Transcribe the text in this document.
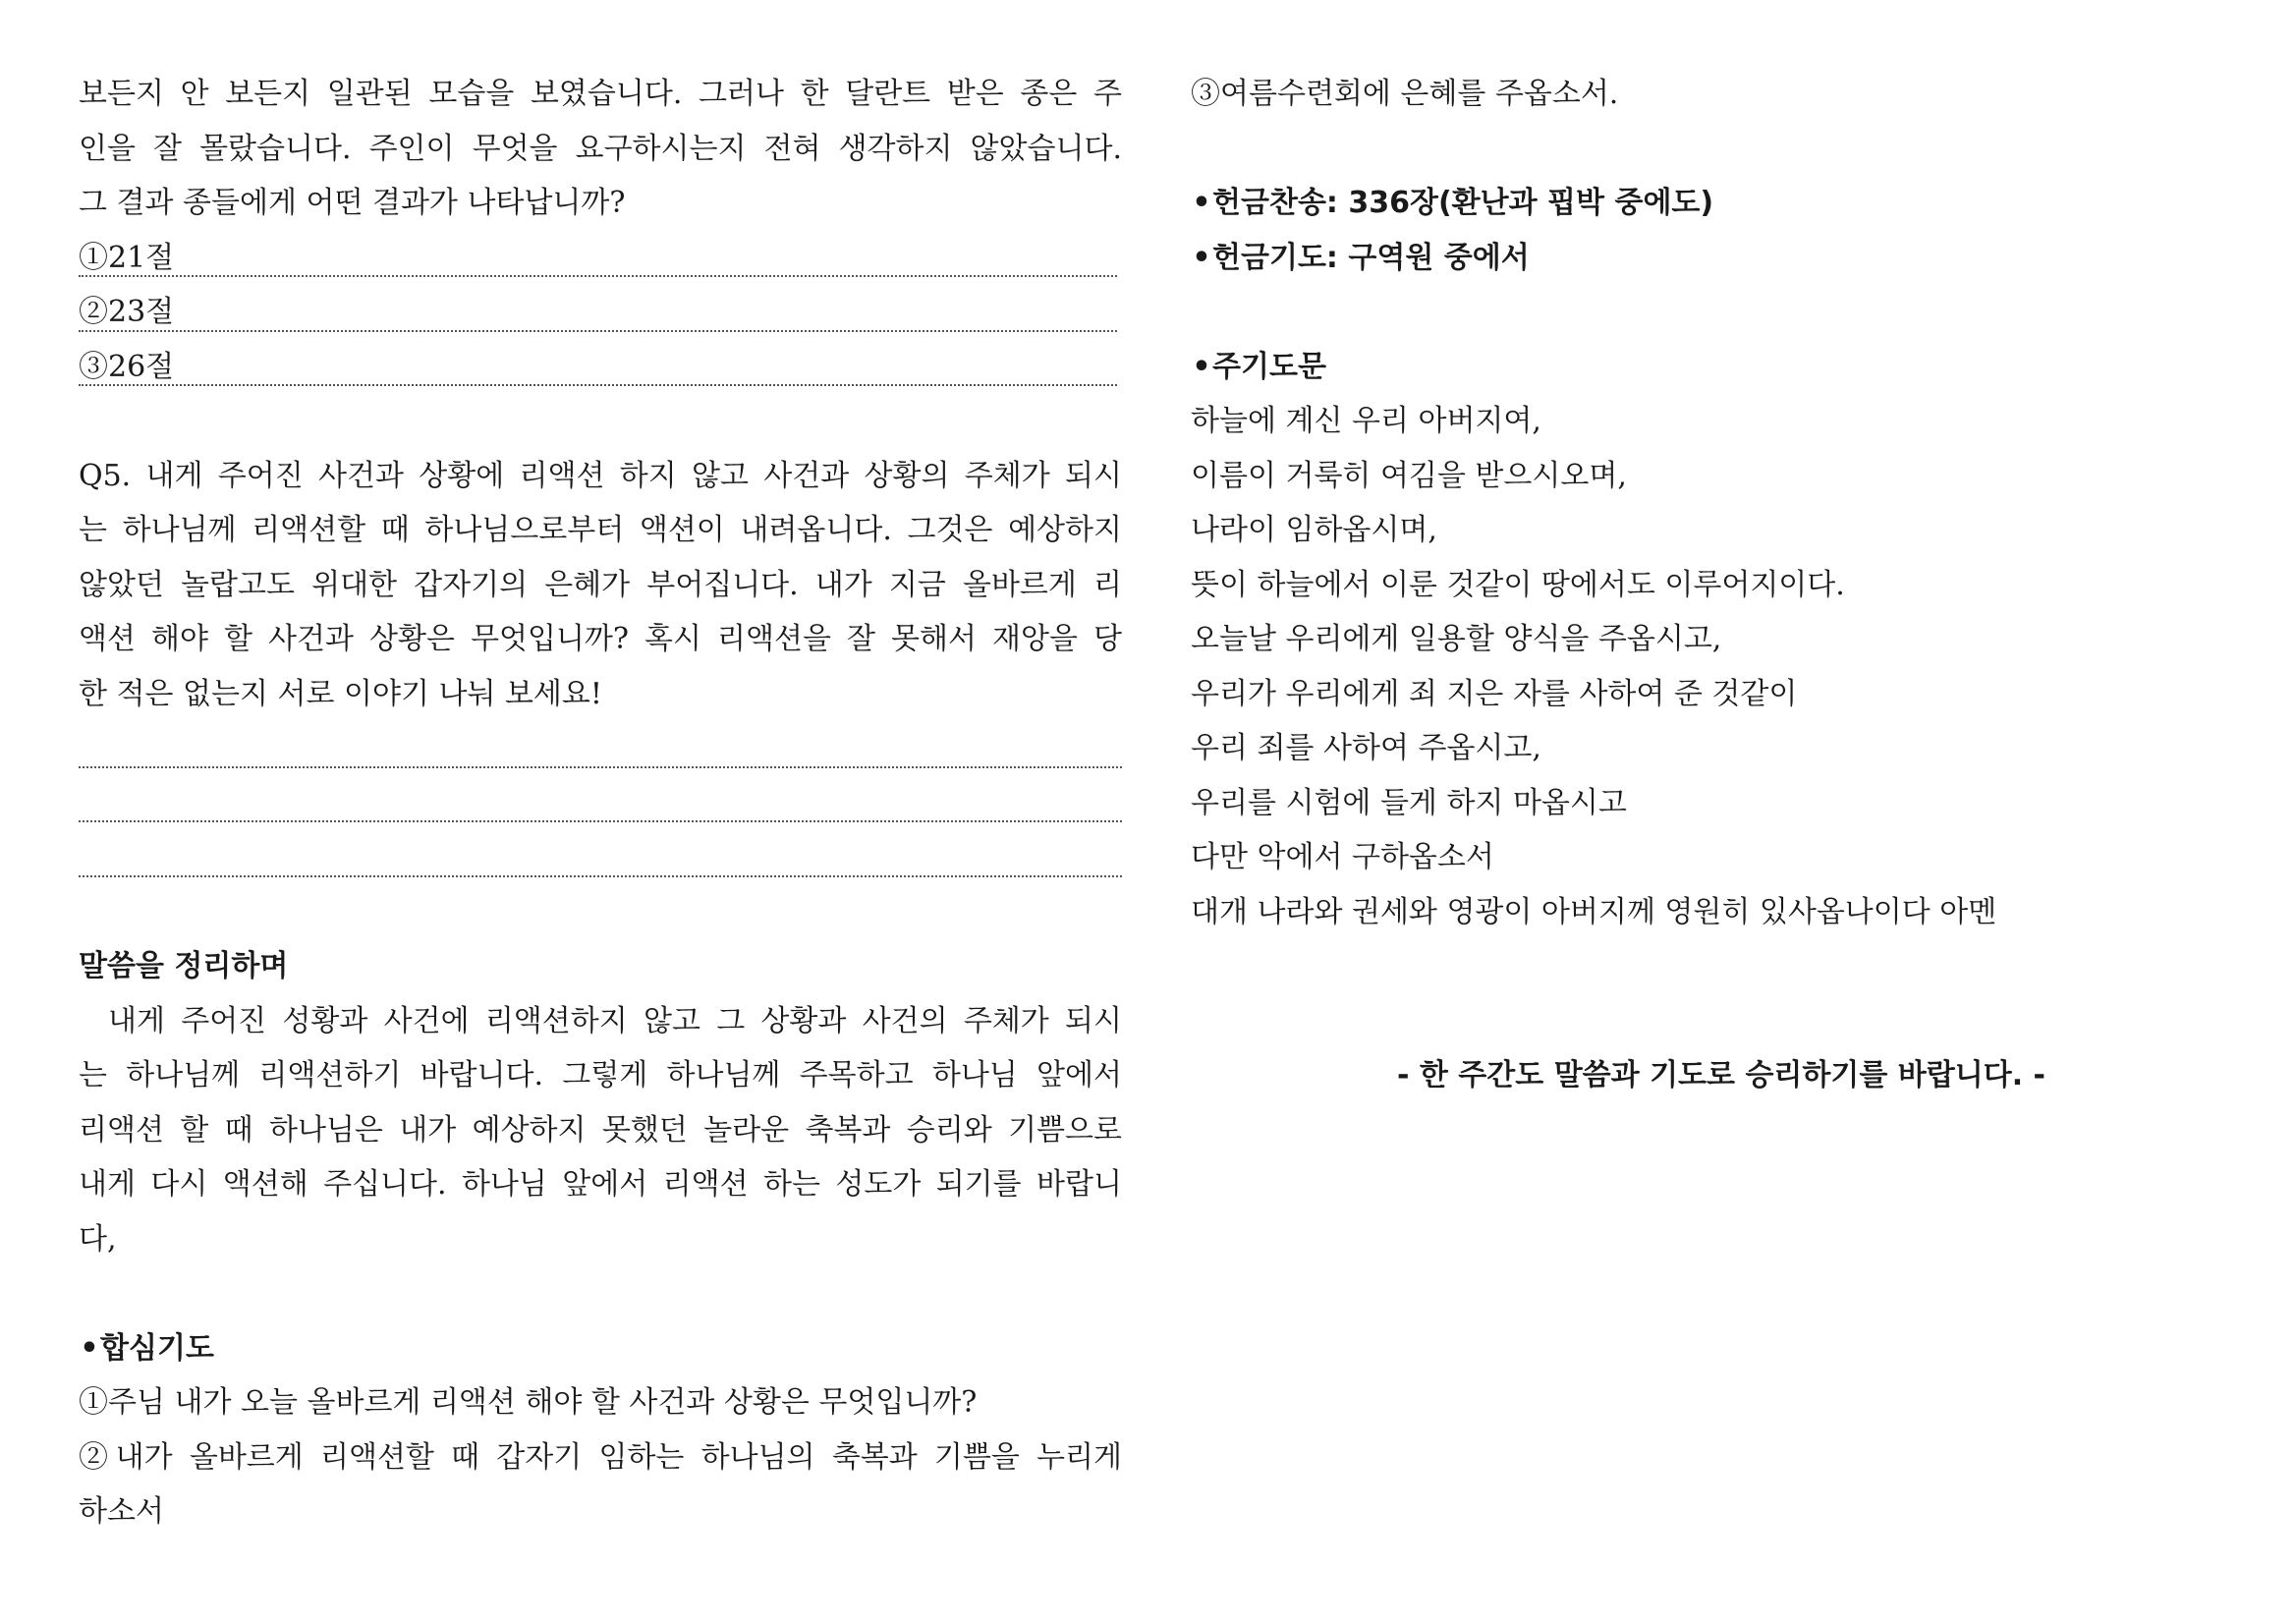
보든지 안 보든지 일관된 모습을 보였습니다. 그러나 한 달란트 받은 종은 주
인을 잘 몰랐습니다. 주인이 무엇을 요구하시는지 전혀 생각하지 않았습니다.
그 결과 종들에게 어떤 결과가 나타납니까?
①21절
②23절
③26절
Q5. 내게 주어진 사건과 상황에 리액션 하지 않고 사건과 상황의 주체가 되시
는 하나님께 리액션할 때 하나님으로부터 액션이 내려옵니다. 그것은 예상하지
않았던 놀랍고도 위대한 갑자기의 은혜가 부어집니다. 내가 지금 올바르게 리
액션 해야 할 사건과 상황은 무엇입니까? 혹시 리액션을 잘 못해서 재앙을 당
한 적은 없는지 서로 이야기 나눠 보세요!
말씀을 정리하며
내게 주어진 성황과 사건에 리액션하지 않고 그 상황과 사건의 주체가 되시
는 하나님께 리액션하기 바랍니다. 그렇게 하나님께 주목하고 하나님 앞에서
리액션 할 때 하나님은 내가 예상하지 못했던 놀라운 축복과 승리와 기쁨으로
내게 다시 액션해 주십니다. 하나님 앞에서 리액션 하는 성도가 되기를 바랍니
다,
•합심기도
①주님 내가 오늘 올바르게 리액션 해야 할 사건과 상황은 무엇입니까?
②내가 올바르게 리액션할 때 갑자기 임하는 하나님의 축복과 기쁨을 누리게
하소서
③여름수련회에 은혜를 주옵소서.
•헌금찬송: 336장(환난과 핍박 중에도)
•헌금기도: 구역원 중에서
•주기도문
하늘에 계신 우리 아버지여,
이름이 거룩히 여김을 받으시오며,
나라이 임하옵시며,
뜻이 하늘에서 이룬 것같이 땅에서도 이루어지이다.
오늘날 우리에게 일용할 양식을 주옵시고,
우리가 우리에게 죄 지은 자를 사하여 준 것같이
우리 죄를 사하여 주옵시고,
우리를 시험에 들게 하지 마옵시고
다만 악에서 구하옵소서
대개 나라와 권세와 영광이 아버지께 영원히 있사옵나이다 아멘
- 한 주간도 말씀과 기도로 승리하기를 바랍니다. -
